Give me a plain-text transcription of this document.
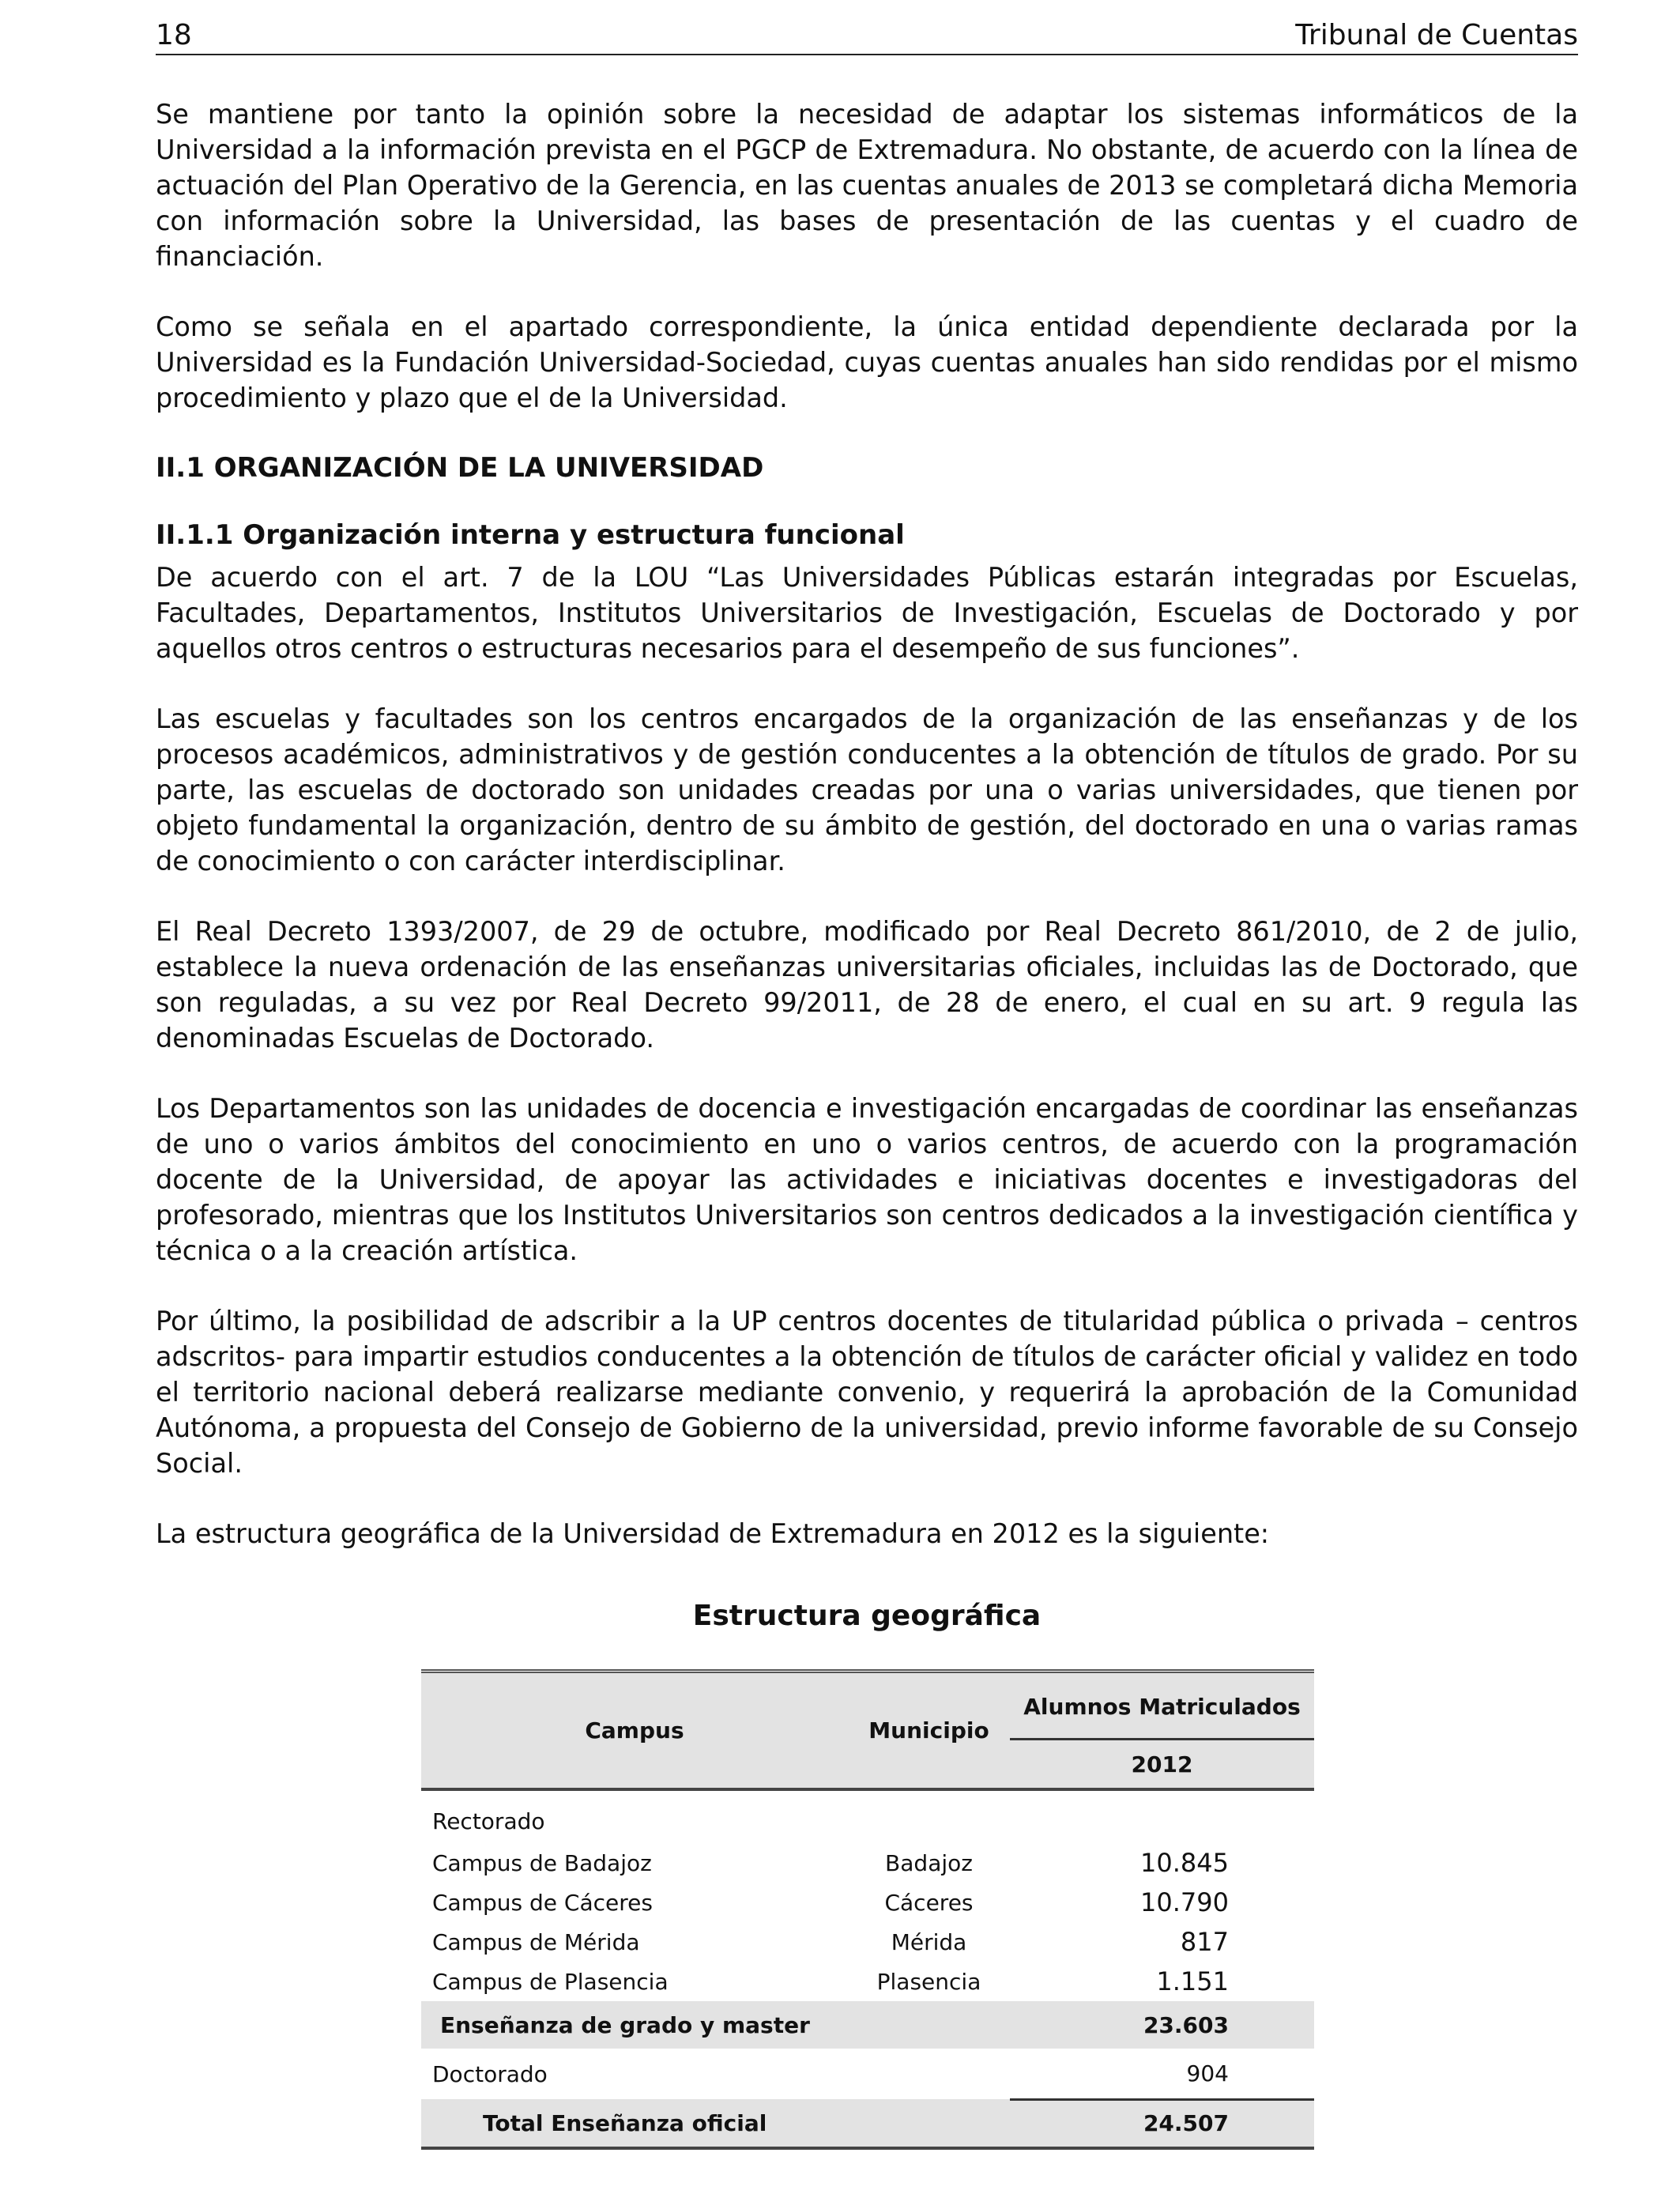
18	Tribunal de Cuentas

Se mantiene por tanto la opinión sobre la necesidad de adaptar los sistemas informáticos de la Universidad a la información prevista en el PGCP de Extremadura. No obstante, de acuerdo con la línea de actuación del Plan Operativo de la Gerencia, en las cuentas anuales de 2013 se completará dicha Memoria con información sobre la Universidad, las bases de presentación de las cuentas y el cuadro de financiación.

Como se señala en el apartado correspondiente, la única entidad dependiente declarada por la Universidad es la Fundación Universidad-Sociedad, cuyas cuentas anuales han sido rendidas por el mismo procedimiento y plazo que el de la Universidad.

II.1 ORGANIZACIÓN DE LA UNIVERSIDAD
II.1.1 Organización interna y estructura funcional

De acuerdo con el art. 7 de la LOU “Las Universidades Públicas estarán integradas por Escuelas, Facultades, Departamentos, Institutos Universitarios de Investigación, Escuelas de Doctorado y por aquellos otros centros o estructuras necesarios para el desempeño de sus funciones”.

Las escuelas y facultades son los centros encargados de la organización de las enseñanzas y de los procesos académicos, administrativos y de gestión conducentes a la obtención de títulos de grado. Por su parte, las escuelas de doctorado son unidades creadas por una o varias universidades, que tienen por objeto fundamental la organización, dentro de su ámbito de gestión, del doctorado en una o varias ramas de conocimiento o con carácter interdisciplinar.

El Real Decreto 1393/2007, de 29 de octubre, modificado por Real Decreto 861/2010, de 2 de julio, establece la nueva ordenación de las enseñanzas universitarias oficiales, incluidas las de Doctorado, que son reguladas, a su vez por Real Decreto 99/2011, de 28 de enero, el cual en su art. 9 regula las denominadas Escuelas de Doctorado.

Los Departamentos son las unidades de docencia e investigación encargadas de coordinar las enseñanzas de uno o varios ámbitos del conocimiento en uno o varios centros, de acuerdo con la programación docente de la Universidad, de apoyar las actividades e iniciativas docentes e investigadoras del profesorado, mientras que los Institutos Universitarios son centros dedicados a la investigación científica y técnica o a la creación artística.

Por último, la posibilidad de adscribir a la UP centros docentes de titularidad pública o privada – centros adscritos- para impartir estudios conducentes a la obtención de títulos de carácter oficial y validez en todo el territorio nacional deberá realizarse mediante convenio, y requerirá la aprobación de la Comunidad Autónoma, a propuesta del Consejo de Gobierno de la universidad, previo informe favorable de su Consejo Social.

La estructura geográfica de la Universidad de Extremadura en 2012 es la siguiente:

Estructura geográfica
Campus	Municipio	Alumnos Matriculados
		2012
Rectorado		
Campus de Badajoz	Badajoz	10.845
Campus de Cáceres	Cáceres	10.790
Campus de Mérida	Mérida	817
Campus de Plasencia	Plasencia	1.151
Enseñanza de grado y master		23.603
Doctorado		904
Total Enseñanza oficial		24.507
